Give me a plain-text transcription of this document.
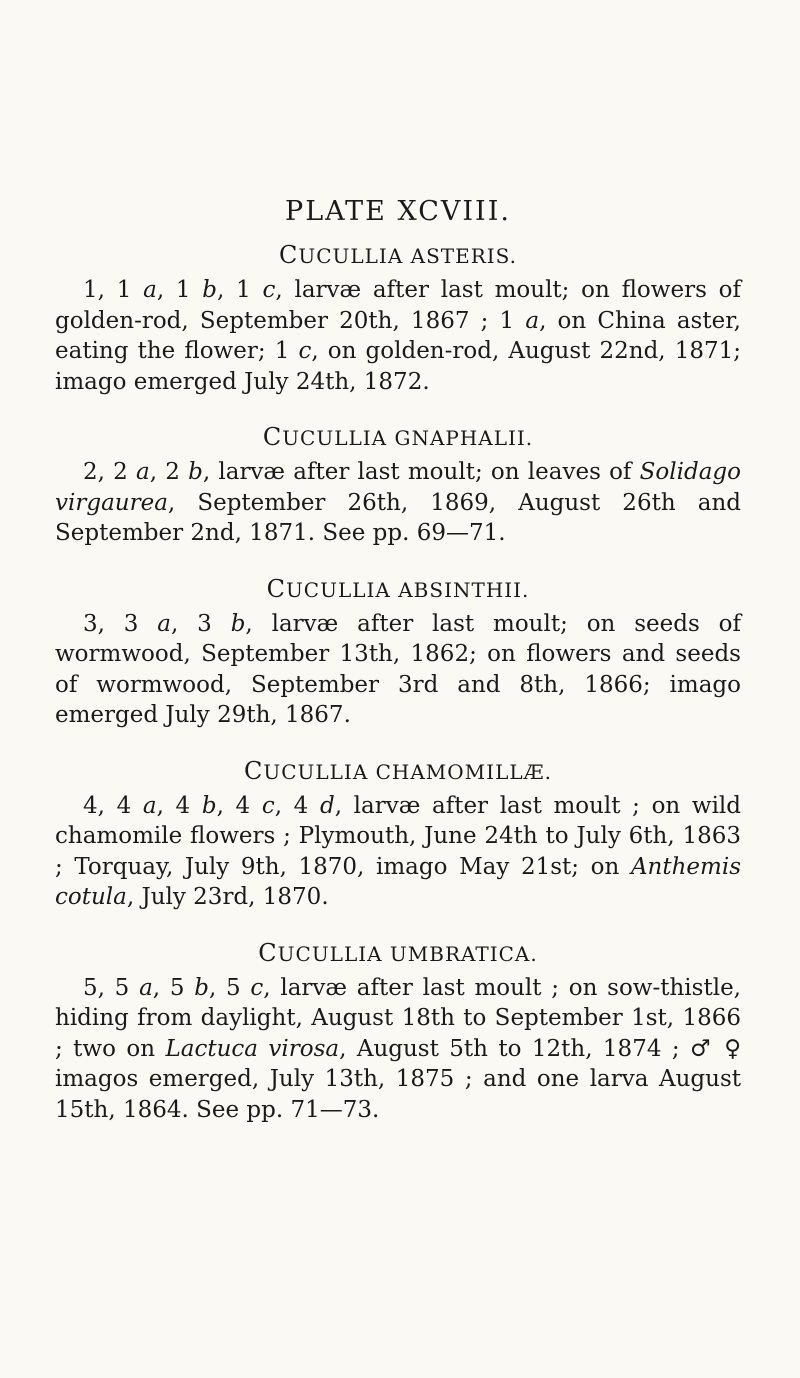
PLATE XCVIII.
CUCULLIA ASTERIS.

1, 1 a, 1 b, 1 c, larvæ after last moult; on flowers of golden-rod, September 20th, 1867 ; 1 a, on China aster, eating the flower; 1 c, on golden-rod, August 22nd, 1871; imago emerged July 24th, 1872.

CUCULLIA GNAPHALII.

2, 2 a, 2 b, larvæ after last moult; on leaves of Solidago virgaurea, September 26th, 1869, August 26th and September 2nd, 1871. See pp. 69—71.

CUCULLIA ABSINTHII.

3, 3 a, 3 b, larvæ after last moult; on seeds of wormwood, September 13th, 1862; on flowers and seeds of wormwood, September 3rd and 8th, 1866; imago emerged July 29th, 1867.

CUCULLIA CHAMOMILLÆ.

4, 4 a, 4 b, 4 c, 4 d, larvæ after last moult ; on wild chamomile flowers ; Plymouth, June 24th to July 6th, 1863 ; Torquay, July 9th, 1870, imago May 21st; on Anthemis cotula, July 23rd, 1870.

CUCULLIA UMBRATICA.

5, 5 a, 5 b, 5 c, larvæ after last moult ; on sow-thistle, hiding from daylight, August 18th to September 1st, 1866 ; two on Lactuca virosa, August 5th to 12th, 1874 ; ♂ ♀ imagos emerged, July 13th, 1875 ; and one larva August 15th, 1864. See pp. 71—73.
